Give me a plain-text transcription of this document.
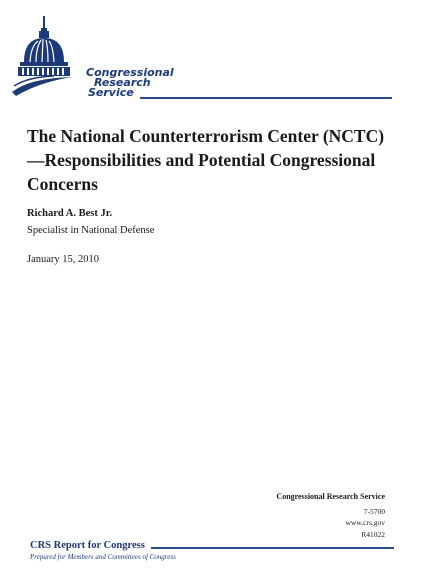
Congressional
Research
Service
The National Counterterrorism Center (NCTC)—Responsibilities and Potential Congressional Concerns
Richard A. Best Jr.
Specialist in National Defense
January 15, 2010
Congressional Research Service
7-5700
www.crs.gov
R41022
CRS Report for Congress
Prepared for Members and Committees of Congress
